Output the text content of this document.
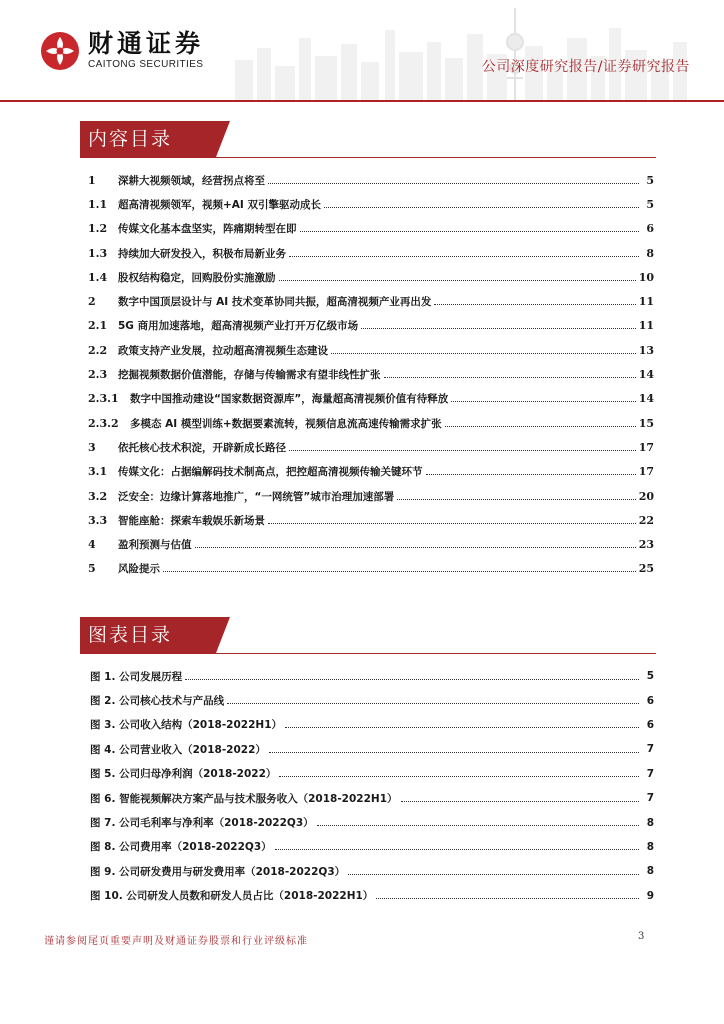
财通证券
CAITONG SECURITIES	公司深度研究报告/证券研究报告
内容目录
1	深耕大视频领域，经营拐点将至	5
1.1	超高清视频领军，视频+AI 双引擎驱动成长	5
1.2	传媒文化基本盘坚实，阵痛期转型在即	6
1.3	持续加大研发投入，积极布局新业务	8
1.4	股权结构稳定，回购股份实施激励	10
2	数字中国顶层设计与 AI 技术变革协同共振，超高清视频产业再出发	11
2.1	5G 商用加速落地，超高清视频产业打开万亿级市场	11
2.2	政策支持产业发展，拉动超高清视频生态建设	13
2.3	挖掘视频数据价值潜能，存储与传输需求有望非线性扩张	14
2.3.1	数字中国推动建设“国家数据资源库”，海量超高清视频价值有待释放	14
2.3.2	多模态 AI 模型训练+数据要素流转，视频信息流高速传输需求扩张	15
3	依托核心技术积淀，开辟新成长路径	17
3.1	传媒文化：占据编解码技术制高点，把控超高清视频传输关键环节	17
3.2	泛安全：边缘计算落地推广，“一网统管”城市治理加速部署	20
3.3	智能座舱：探索车载娱乐新场景	22
4	盈利预测与估值	23
5	风险提示	25
图表目录
图 1. 公司发展历程	5
图 2. 公司核心技术与产品线	6
图 3. 公司收入结构（2018-2022H1）	6
图 4. 公司营业收入（2018-2022）	7
图 5. 公司归母净利润（2018-2022）	7
图 6. 智能视频解决方案产品与技术服务收入（2018-2022H1）	7
图 7. 公司毛利率与净利率（2018-2022Q3）	8
图 8. 公司费用率（2018-2022Q3）	8
图 9. 公司研发费用与研发费用率（2018-2022Q3）	8
图 10. 公司研发人员数和研发人员占比（2018-2022H1）	9
谨请参阅尾页重要声明及财通证券股票和行业评级标准	3
